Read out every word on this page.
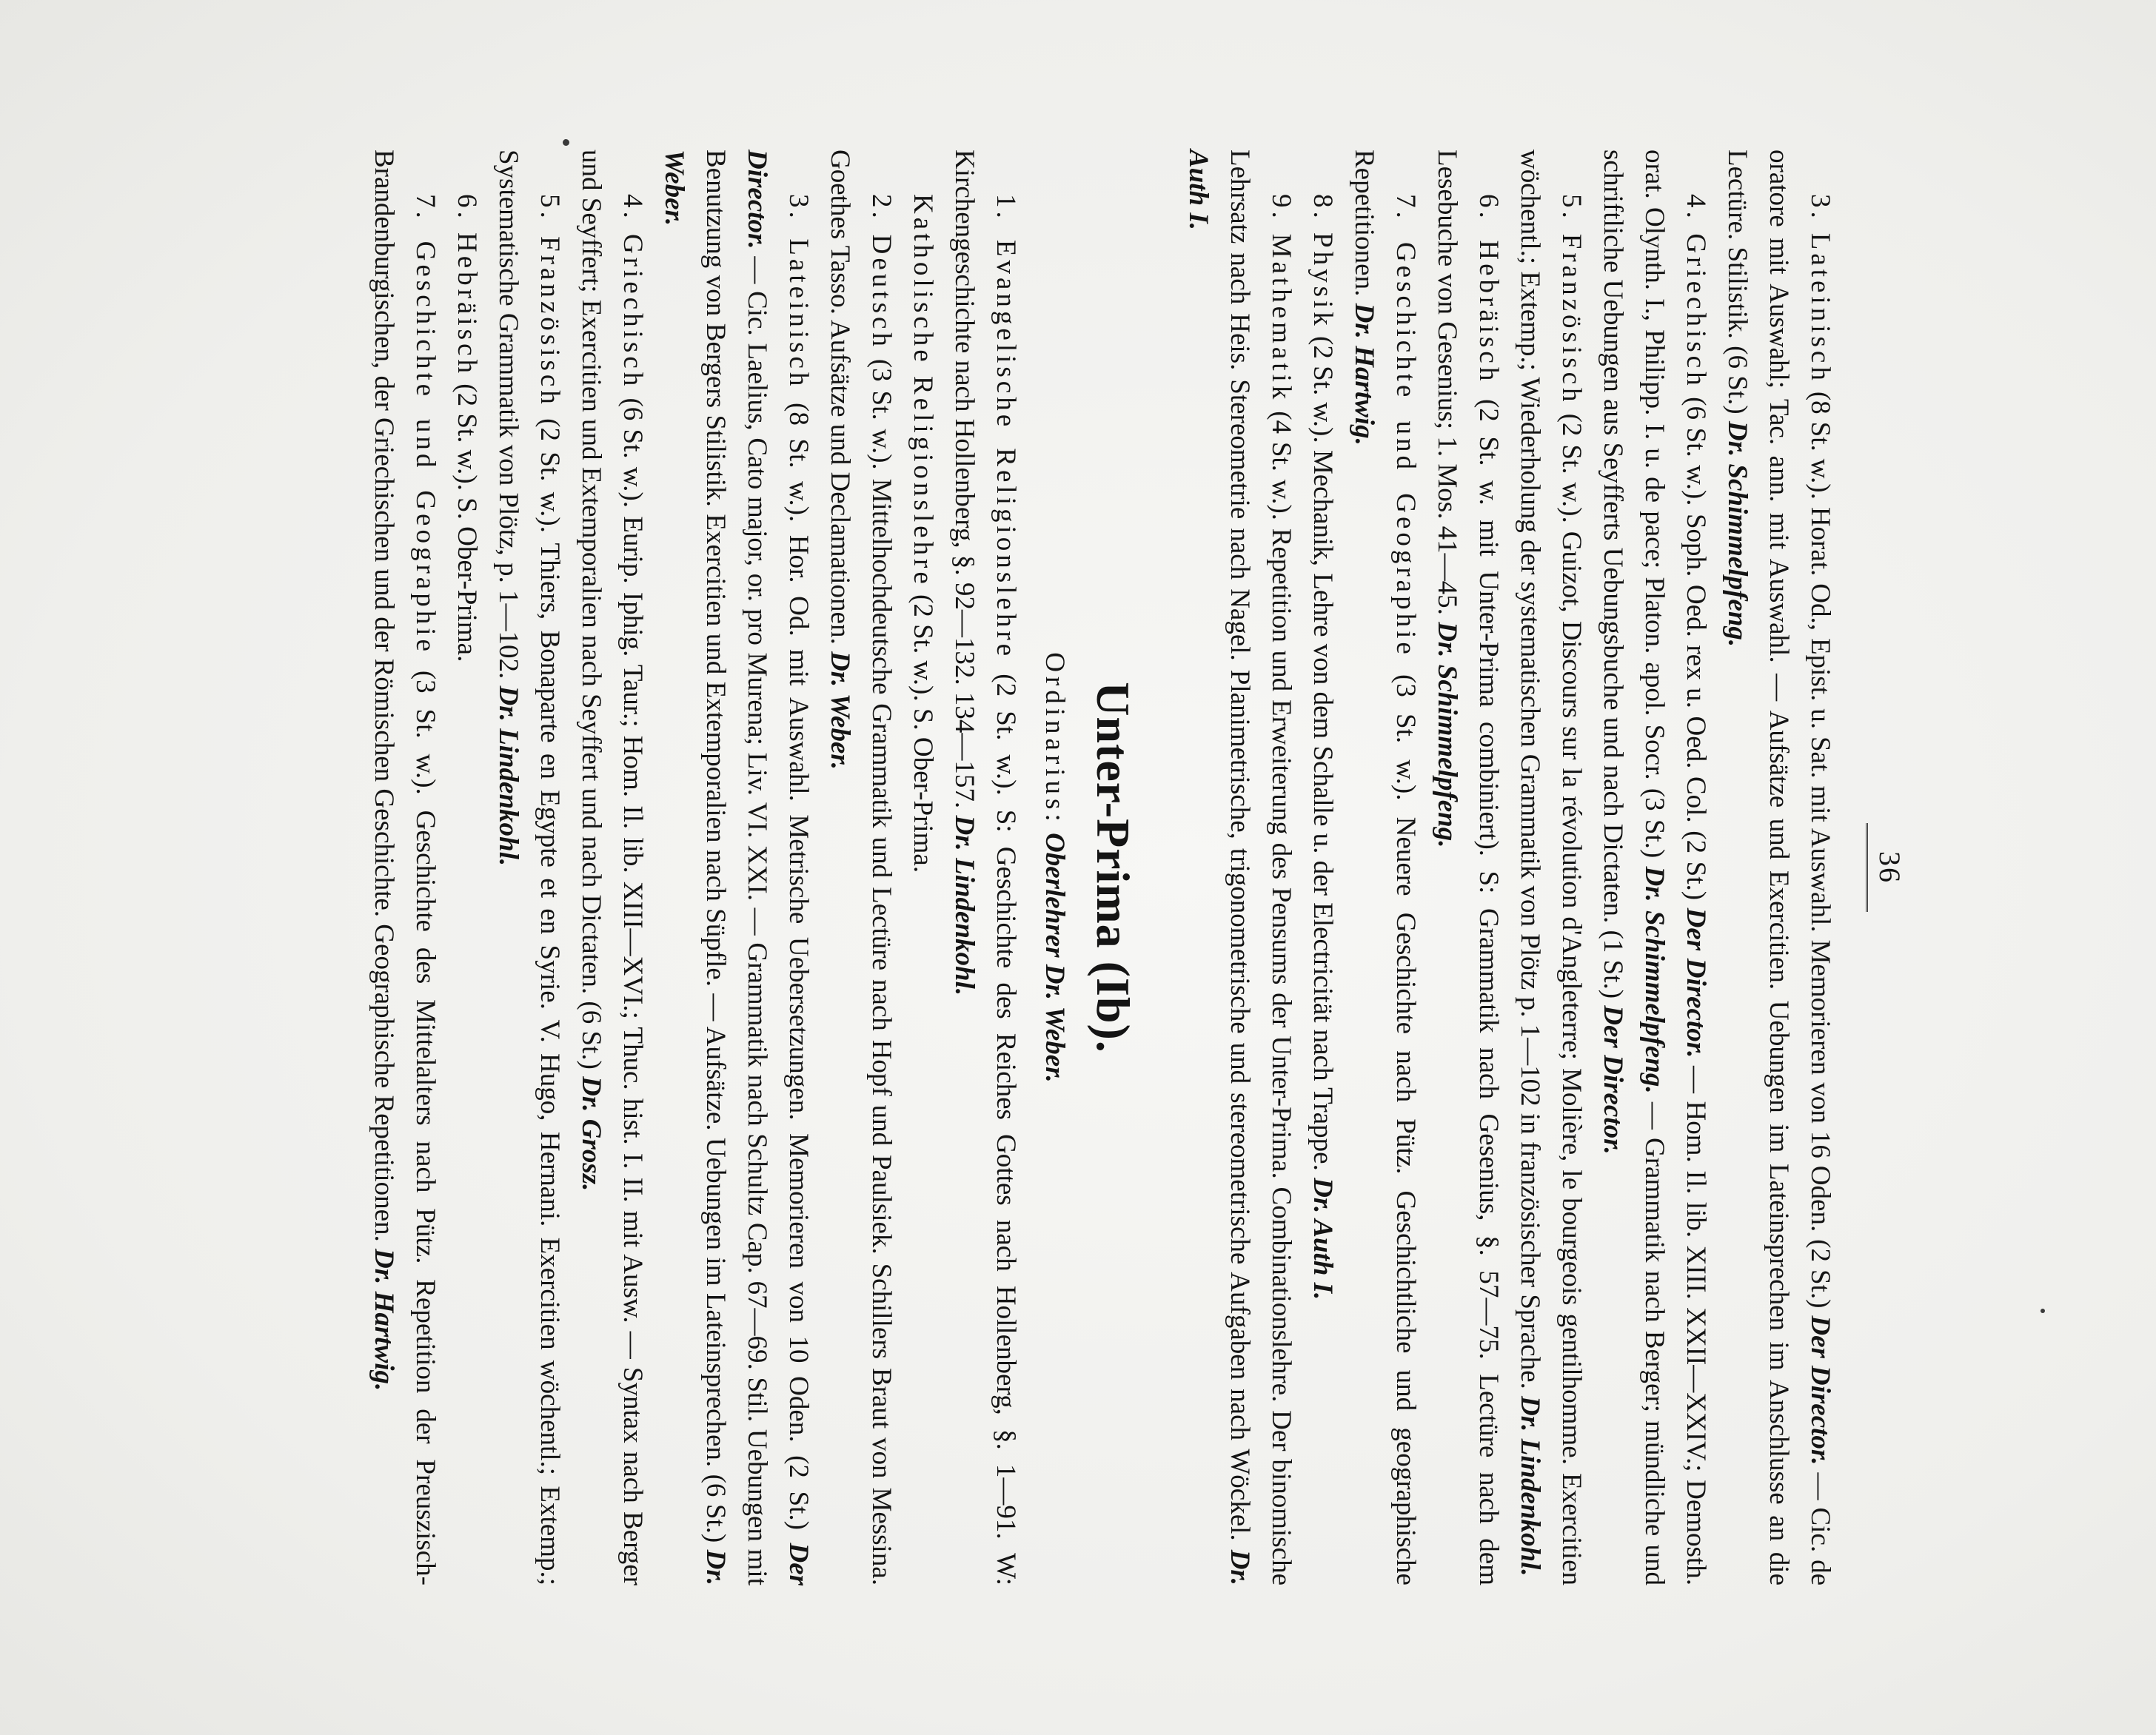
36

3. Lateinisch (8 St. w.). Horat. Od., Epist. u. Sat. mit Auswahl. Memorieren von 16 Oden. (2 St.) Der Director. — Cic. de oratore mit Auswahl; Tac. ann. mit Auswahl. — Aufsätze und Exercitien. Uebungen im Lateinsprechen im Anschlusse an die Lectüre. Stilistik. (6 St.) Dr. Schimmelpfeng.

4. Griechisch (6 St. w.). Soph. Oed. rex u. Oed. Col. (2 St.) Der Director. — Hom. Il. lib. XIII. XXII—XXIV.; Demosth. orat. Olynth. I., Philipp. I. u. de pace; Platon. apol. Socr. (3 St.) Dr. Schimmelpfeng. — Grammatik nach Berger; mündliche und schriftliche Uebungen aus Seyfferts Uebungsbuche und nach Dictaten. (1 St.) Der Director.

5. Französisch (2 St. w.). Guizot, Discours sur la révolution d'Angleterre; Molière, le bourgeois gentilhomme. Exercitien wöchentl.; Extemp.; Wiederholung der systematischen Grammatik von Plötz p. 1—102 in französischer Sprache. Dr. Lindenkohl.

6. Hebräisch (2 St. w. mit Unter-Prima combiniert). S: Grammatik nach Gesenius, §. 57—75. Lectüre nach dem Lesebuche von Gesenius; 1. Mos. 41—45. Dr. Schimmelpfeng.

7. Geschichte und Geographie (3 St. w.). Neuere Geschichte nach Pütz. Geschichtliche und geographische Repetitionen. Dr. Hartwig.

8. Physik (2 St. w.). Mechanik, Lehre von dem Schalle u. der Electricität nach Trappe. Dr. Auth I.

9. Mathematik (4 St. w.). Repetition und Erweiterung des Pensums der Unter-Prima. Combinationslehre. Der binomische Lehrsatz nach Heis. Stereometrie nach Nagel. Planimetrische, trigonometrische und stereometrische Aufgaben nach Wöckel. Dr. Auth I.

Unter-Prima (Ib).
Ordinarius: Oberlehrer Dr. Weber.

1. Evangelische Religionslehre (2 St. w.). S: Geschichte des Reiches Gottes nach Hollenberg, §. 1—91. W: Kirchengeschichte nach Hollenberg, §. 92—132. 134—157. Dr. Lindenkohl.

Katholische Religionslehre (2 St. w.). S. Ober-Prima.

2. Deutsch (3 St. w.). Mittelhochdeutsche Grammatik und Lectüre nach Hopf und Paulsiek. Schillers Braut von Messina. Goethes Tasso. Aufsätze und Declamationen. Dr. Weber.

3. Lateinisch (8 St. w.). Hor. Od. mit Auswahl. Metrische Uebersetzungen. Memorieren von 10 Oden. (2 St.) Der Director. — Cic. Laelius, Cato major, or. pro Murena; Liv. VI. XXI. — Grammatik nach Schultz Cap. 67—69. Stil. Uebungen mit Benutzung von Bergers Stilistik. Exercitien und Extemporalien nach Süpfle. — Aufsätze. Uebungen im Lateinsprechen. (6 St.) Dr. Weber.

4. Griechisch (6 St. w.). Eurip. Iphig. Taur.; Hom. Il. lib. XIII—XVI.; Thuc. hist. I. II. mit Ausw. — Syntax nach Berger und Seyffert; Exercitien und Extemporalien nach Seyffert und nach Dictaten. (6 St.) Dr. Grosz.

5. Französisch (2 St. w.). Thiers, Bonaparte en Egypte et en Syrie. V. Hugo, Hernani. Exercitien wöchentl.; Extemp.; Systematische Grammatik von Plötz, p. 1—102. Dr. Lindenkohl.

6. Hebräisch (2 St. w.). S. Ober-Prima.

7. Geschichte und Geographie (3 St. w.). Geschichte des Mittelalters nach Pütz. Repetition der Preuszisch-Brandenburgischen, der Griechischen und der Römischen Geschichte. Geographische Repetitionen. Dr. Hartwig.
